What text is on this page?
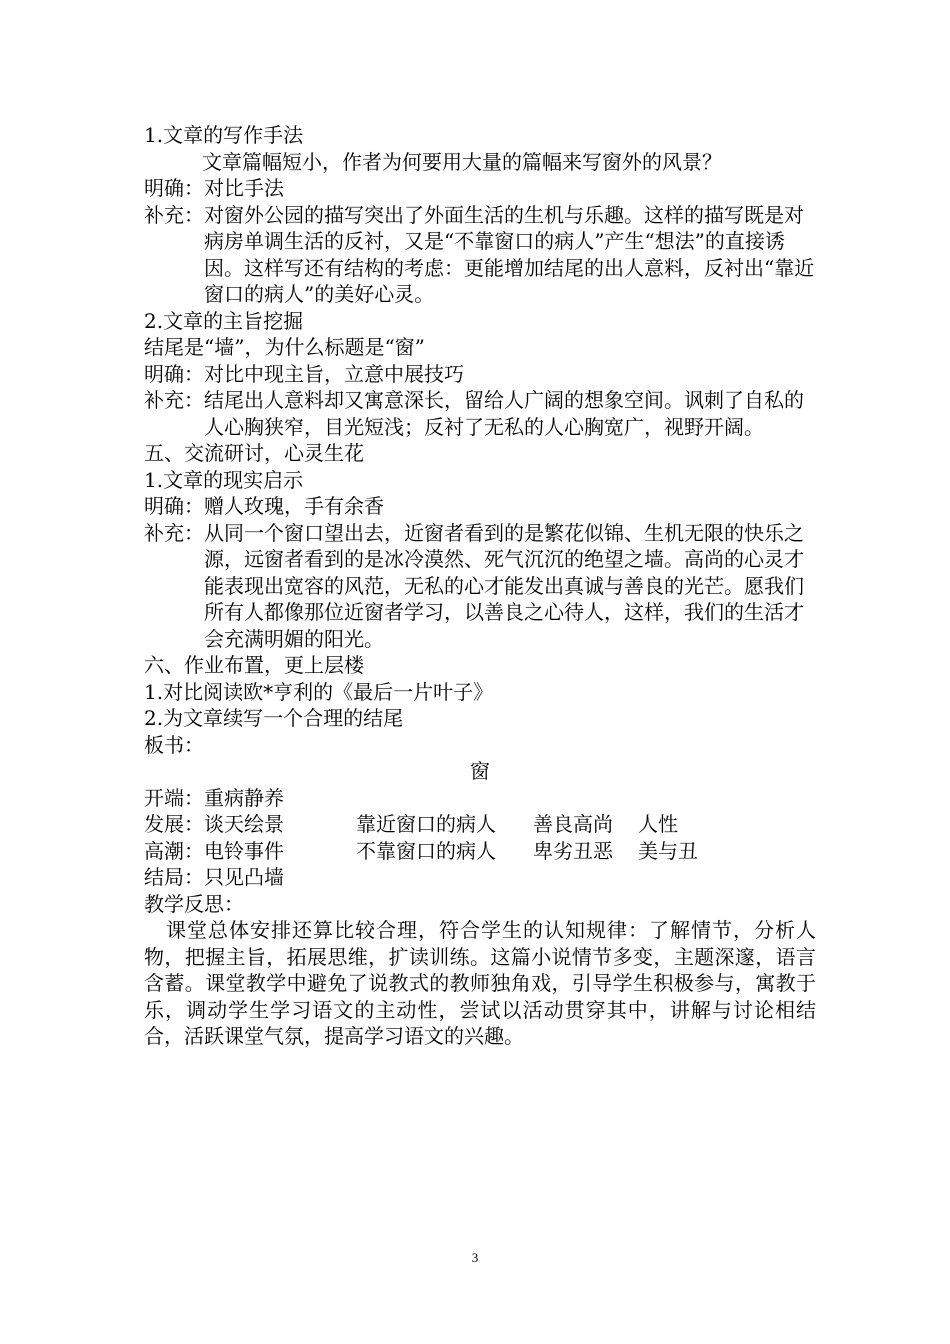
1.文章的写作手法
文章篇幅短小，作者为何要用大量的篇幅来写窗外的风景？
明确： 对比手法
补充： 对窗外公园的描写突出了外面生活的生机与乐趣。这样的描写既是对病房单调生活的反衬，又是“不靠窗口的病人”产生“想法”的直接诱因。这样写还有结构的考虑：更能增加结尾的出人意料，反衬出“靠近窗口的病人”的美好心灵。
2.文章的主旨挖掘
结尾是“墙”，为什么标题是“窗”
明确： 对比中现主旨，立意中展技巧
补充： 结尾出人意料却又寓意深长，留给人广阔的想象空间。讽刺了自私的人心胸狭窄，目光短浅；反衬了无私的人心胸宽广，视野开阔。
五、交流研讨，心灵生花
1.文章的现实启示
明确： 赠人玫瑰，手有余香
补充： 从同一个窗口望出去，近窗者看到的是繁花似锦、生机无限的快乐之源，远窗者看到的是冰冷漠然、死气沉沉的绝望之墙。高尚的心灵才能表现出宽容的风范，无私的心才能发出真诚与善良的光芒。愿我们所有人都像那位近窗者学习，以善良之心待人，这样，我们的生活才会充满明媚的阳光。
六、作业布置，更上层楼
1.对比阅读欧*亨利的《最后一片叶子》
2.为文章续写一个合理的结尾
板书：
窗
开端：重病静养
发展：谈天绘景	靠近窗口的病人	善良高尚	人性
高潮：电铃事件	不靠窗口的病人	卑劣丑恶	美与丑
结局：只见凸墙
教学反思：
课堂总体安排还算比较合理，符合学生的认知规律：了解情节，分析人物，把握主旨，拓展思维，扩读训练。这篇小说情节多变，主题深邃，语言含蓄。课堂教学中避免了说教式的教师独角戏，引导学生积极参与，寓教于乐，调动学生学习语文的主动性，尝试以活动贯穿其中，讲解与讨论相结合，活跃课堂气氛，提高学习语文的兴趣。
3
